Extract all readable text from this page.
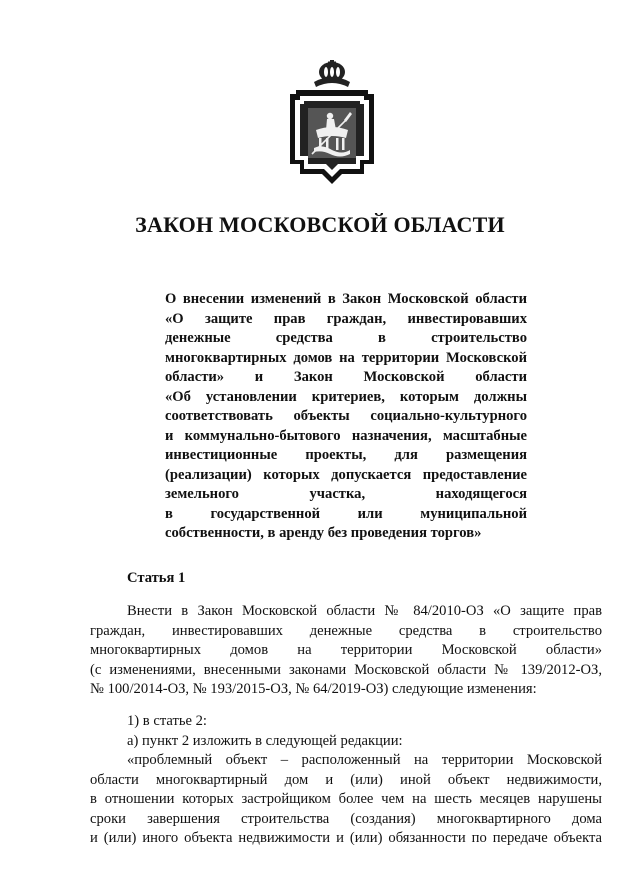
ЗАКОН МОСКОВСКОЙ ОБЛАСТИ
О внесении изменений в Закон Московской области
«О защите прав граждан, инвестировавших
денежные средства в строительство
многоквартирных домов на территории Московской
области» и Закон Московской области
«Об установлении критериев, которым должны
соответствовать объекты социально-культурного
и коммунально-бытового назначения, масштабные
инвестиционные проекты, для размещения
(реализации) которых допускается предоставление
земельного участка, находящегося
в государственной или муниципальной
собственности, в аренду без проведения торгов»
Статья 1
Внести в Закон Московской области № 84/2010-ОЗ «О защите прав
граждан, инвестировавших денежные средства в строительство
многоквартирных домов на территории Московской области»
(с изменениями, внесенными законами Московской области № 139/2012-ОЗ,
№ 100/2014-ОЗ, № 193/2015-ОЗ, № 64/2019-ОЗ) следующие изменения:
1) в статье 2:
а) пункт 2 изложить в следующей редакции:
«проблемный объект – расположенный на территории Московской
области многоквартирный дом и (или) иной объект недвижимости,
в отношении которых застройщиком более чем на шесть месяцев нарушены
сроки завершения строительства (создания) многоквартирного дома
и (или) иного объекта недвижимости и (или) обязанности по передаче объекта
